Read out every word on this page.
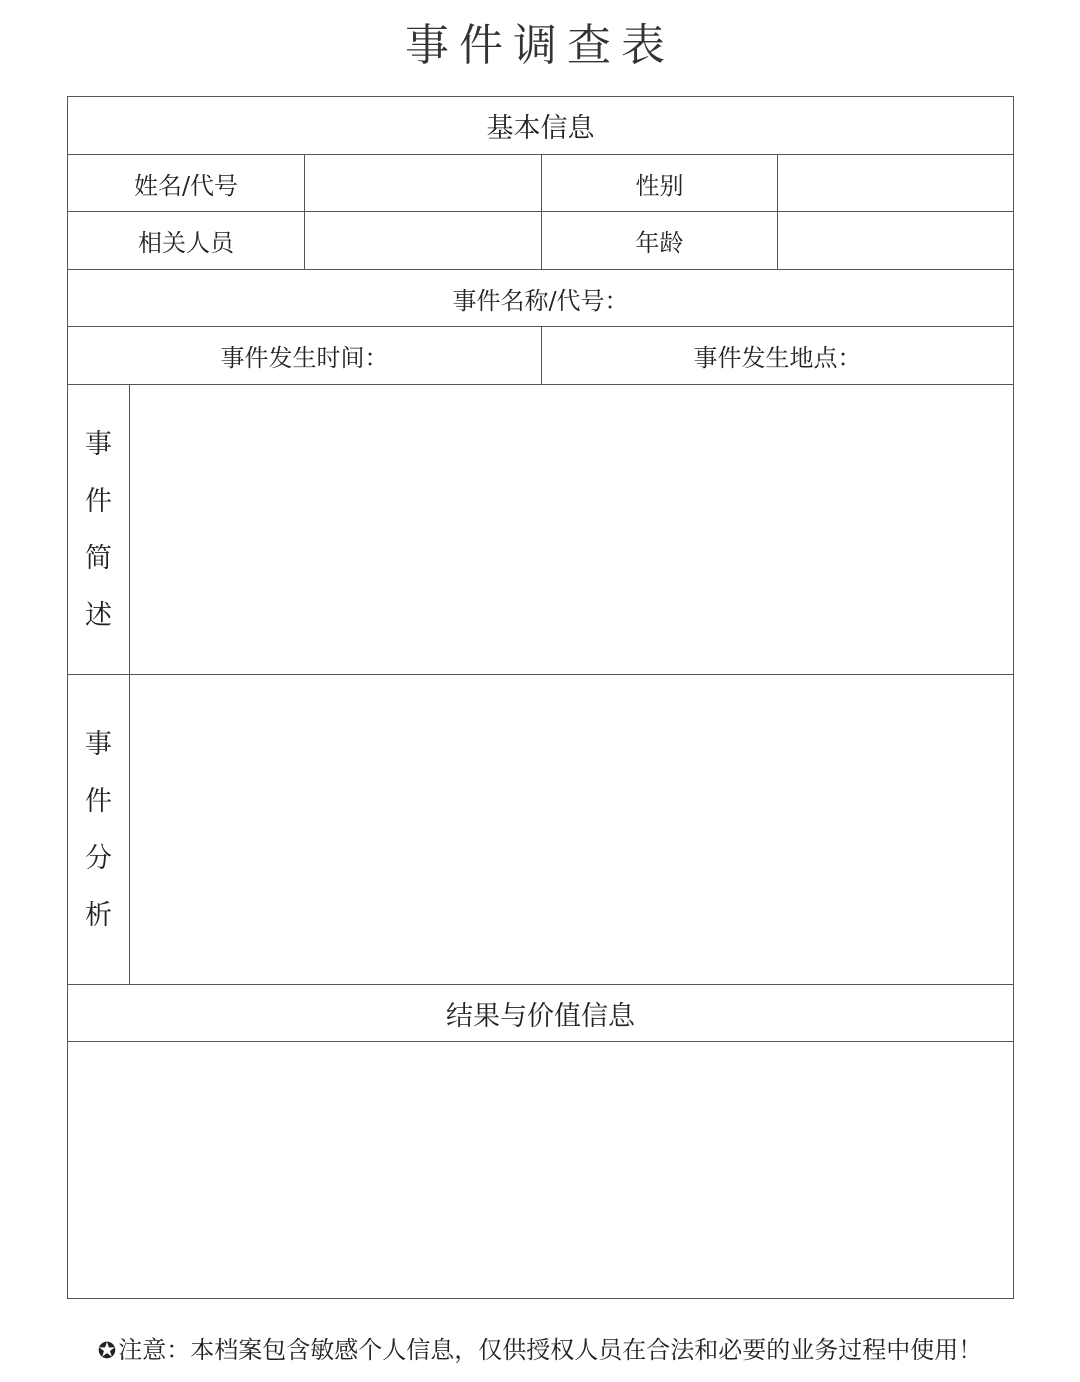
事件调查表
基本信息
姓名/代号	性别
相关人员	年龄
事件名称/代号：
事件发生时间：	事件发生地点：
事
件
简
述
事
件
分
析
结果与价值信息
✪注意：本档案包含敏感个人信息，仅供授权人员在合法和必要的业务过程中使用！
